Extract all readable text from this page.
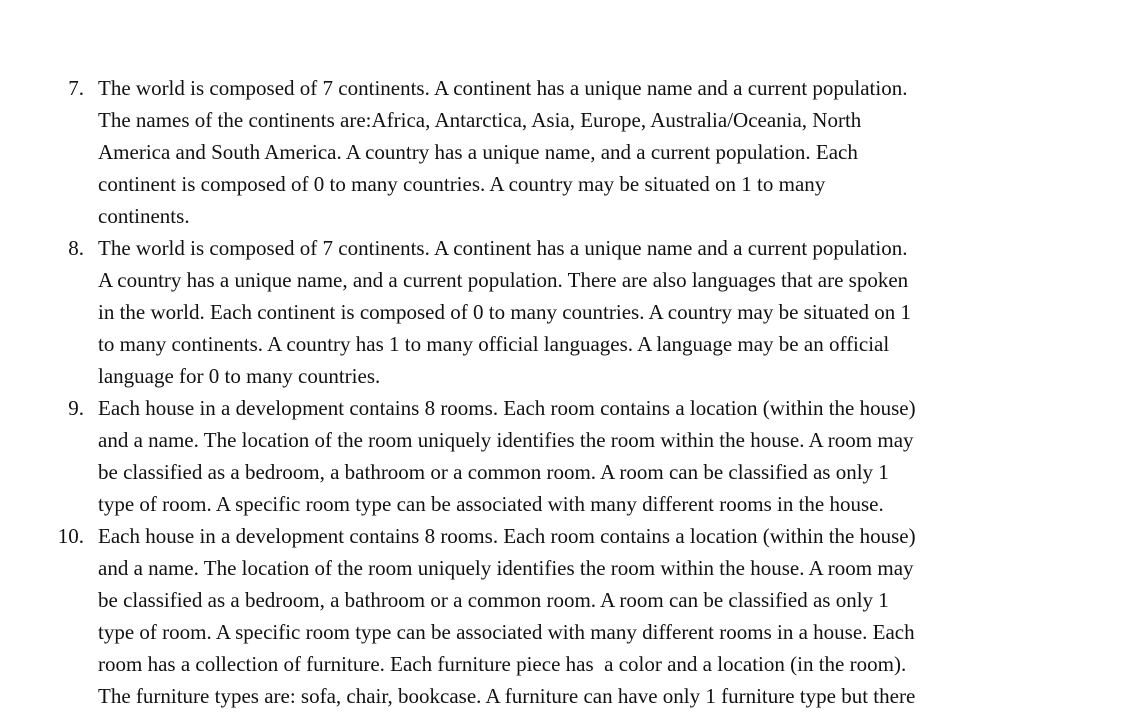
7. The world is composed of 7 continents. A continent has a unique name and a current population.
The names of the continents are:Africa, Antarctica, Asia, Europe, Australia/Oceania, North
America and South America. A country has a unique name, and a current population. Each
continent is composed of 0 to many countries. A country may be situated on 1 to many
continents.
8. The world is composed of 7 continents. A continent has a unique name and a current population.
A country has a unique name, and a current population. There are also languages that are spoken
in the world. Each continent is composed of 0 to many countries. A country may be situated on 1
to many continents. A country has 1 to many official languages. A language may be an official
language for 0 to many countries.
9. Each house in a development contains 8 rooms. Each room contains a location (within the house)
and a name. The location of the room uniquely identifies the room within the house. A room may
be classified as a bedroom, a bathroom or a common room. A room can be classified as only 1
type of room. A specific room type can be associated with many different rooms in the house.
10. Each house in a development contains 8 rooms. Each room contains a location (within the house)
and a name. The location of the room uniquely identifies the room within the house. A room may
be classified as a bedroom, a bathroom or a common room. A room can be classified as only 1
type of room. A specific room type can be associated with many different rooms in a house. Each
room has a collection of furniture. Each furniture piece has  a color and a location (in the room).
The furniture types are: sofa, chair, bookcase. A furniture can have only 1 furniture type but there
